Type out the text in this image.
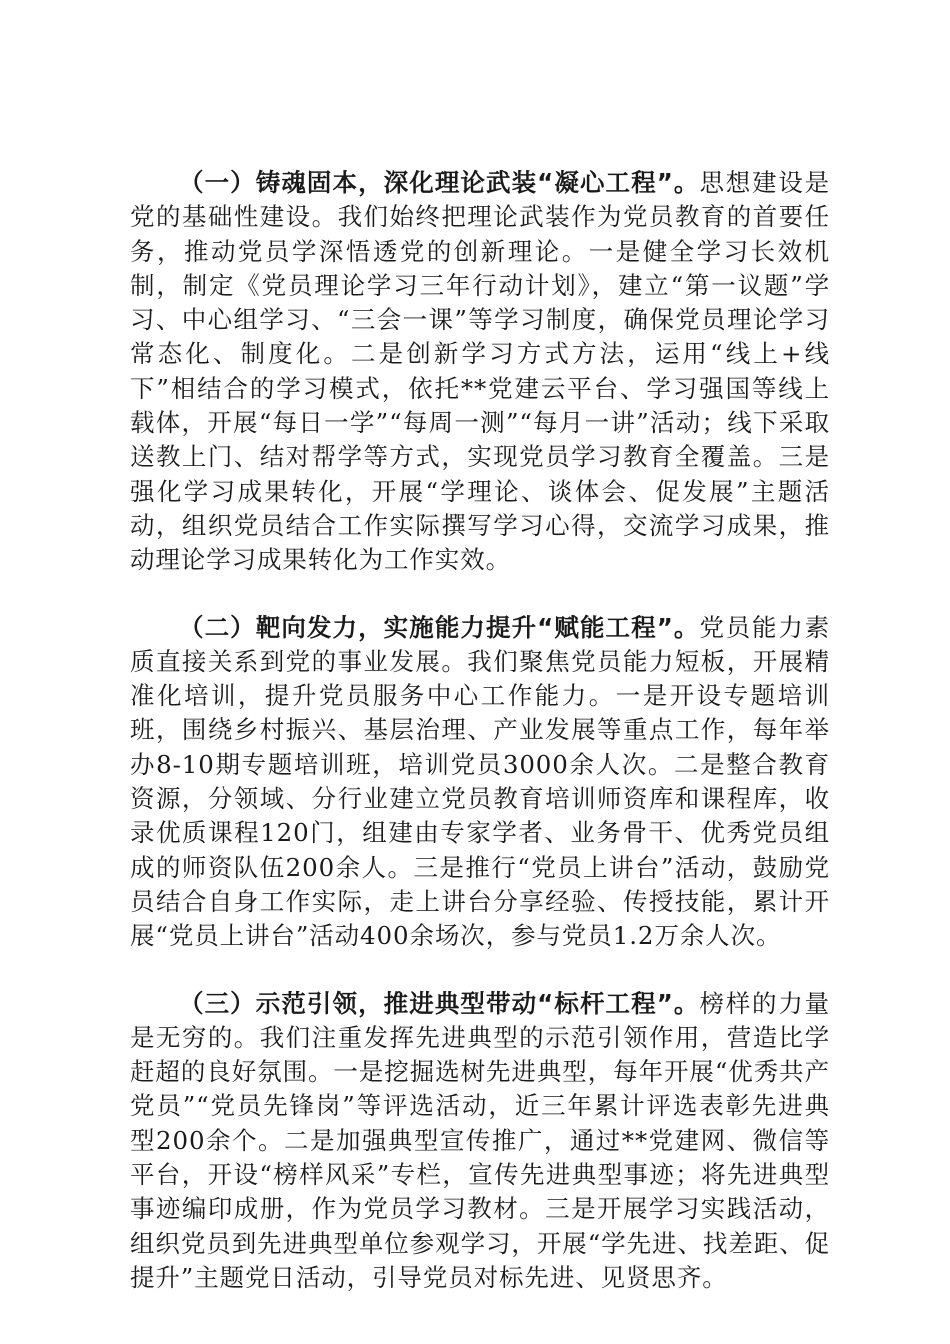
（一）铸魂固本，深化理论武装“凝心工程”。思想建设是党的基础性建设。我们始终把理论武装作为党员教育的首要任务，推动党员学深悟透党的创新理论。一是健全学习长效机制，制定《党员理论学习三年行动计划》，建立“第一议题”学习、中心组学习、“三会一课”等学习制度，确保党员理论学习常态化、制度化。二是创新学习方式方法，运用“线上+线下”相结合的学习模式，依托**党建云平台、学习强国等线上载体，开展“每日一学”“每周一测”“每月一讲”活动；线下采取送教上门、结对帮学等方式，实现党员学习教育全覆盖。三是强化学习成果转化，开展“学理论、谈体会、促发展”主题活动，组织党员结合工作实际撰写学习心得，交流学习成果，推动理论学习成果转化为工作实效。

（二）靶向发力，实施能力提升“赋能工程”。党员能力素质直接关系到党的事业发展。我们聚焦党员能力短板，开展精准化培训，提升党员服务中心工作能力。一是开设专题培训班，围绕乡村振兴、基层治理、产业发展等重点工作，每年举办8-10期专题培训班，培训党员3000余人次。二是整合教育资源，分领域、分行业建立党员教育培训师资库和课程库，收录优质课程120门，组建由专家学者、业务骨干、优秀党员组成的师资队伍200余人。三是推行“党员上讲台”活动，鼓励党员结合自身工作实际，走上讲台分享经验、传授技能，累计开展“党员上讲台”活动400余场次，参与党员1.2万余人次。

（三）示范引领，推进典型带动“标杆工程”。榜样的力量是无穷的。我们注重发挥先进典型的示范引领作用，营造比学赶超的良好氛围。一是挖掘选树先进典型，每年开展“优秀共产党员”“党员先锋岗”等评选活动，近三年累计评选表彰先进典型200余个。二是加强典型宣传推广，通过**党建网、微信等平台，开设“榜样风采”专栏，宣传先进典型事迹；将先进典型事迹编印成册，作为党员学习教材。三是开展学习实践活动，组织党员到先进典型单位参观学习，开展“学先进、找差距、促提升”主题党日活动，引导党员对标先进、见贤思齐。
